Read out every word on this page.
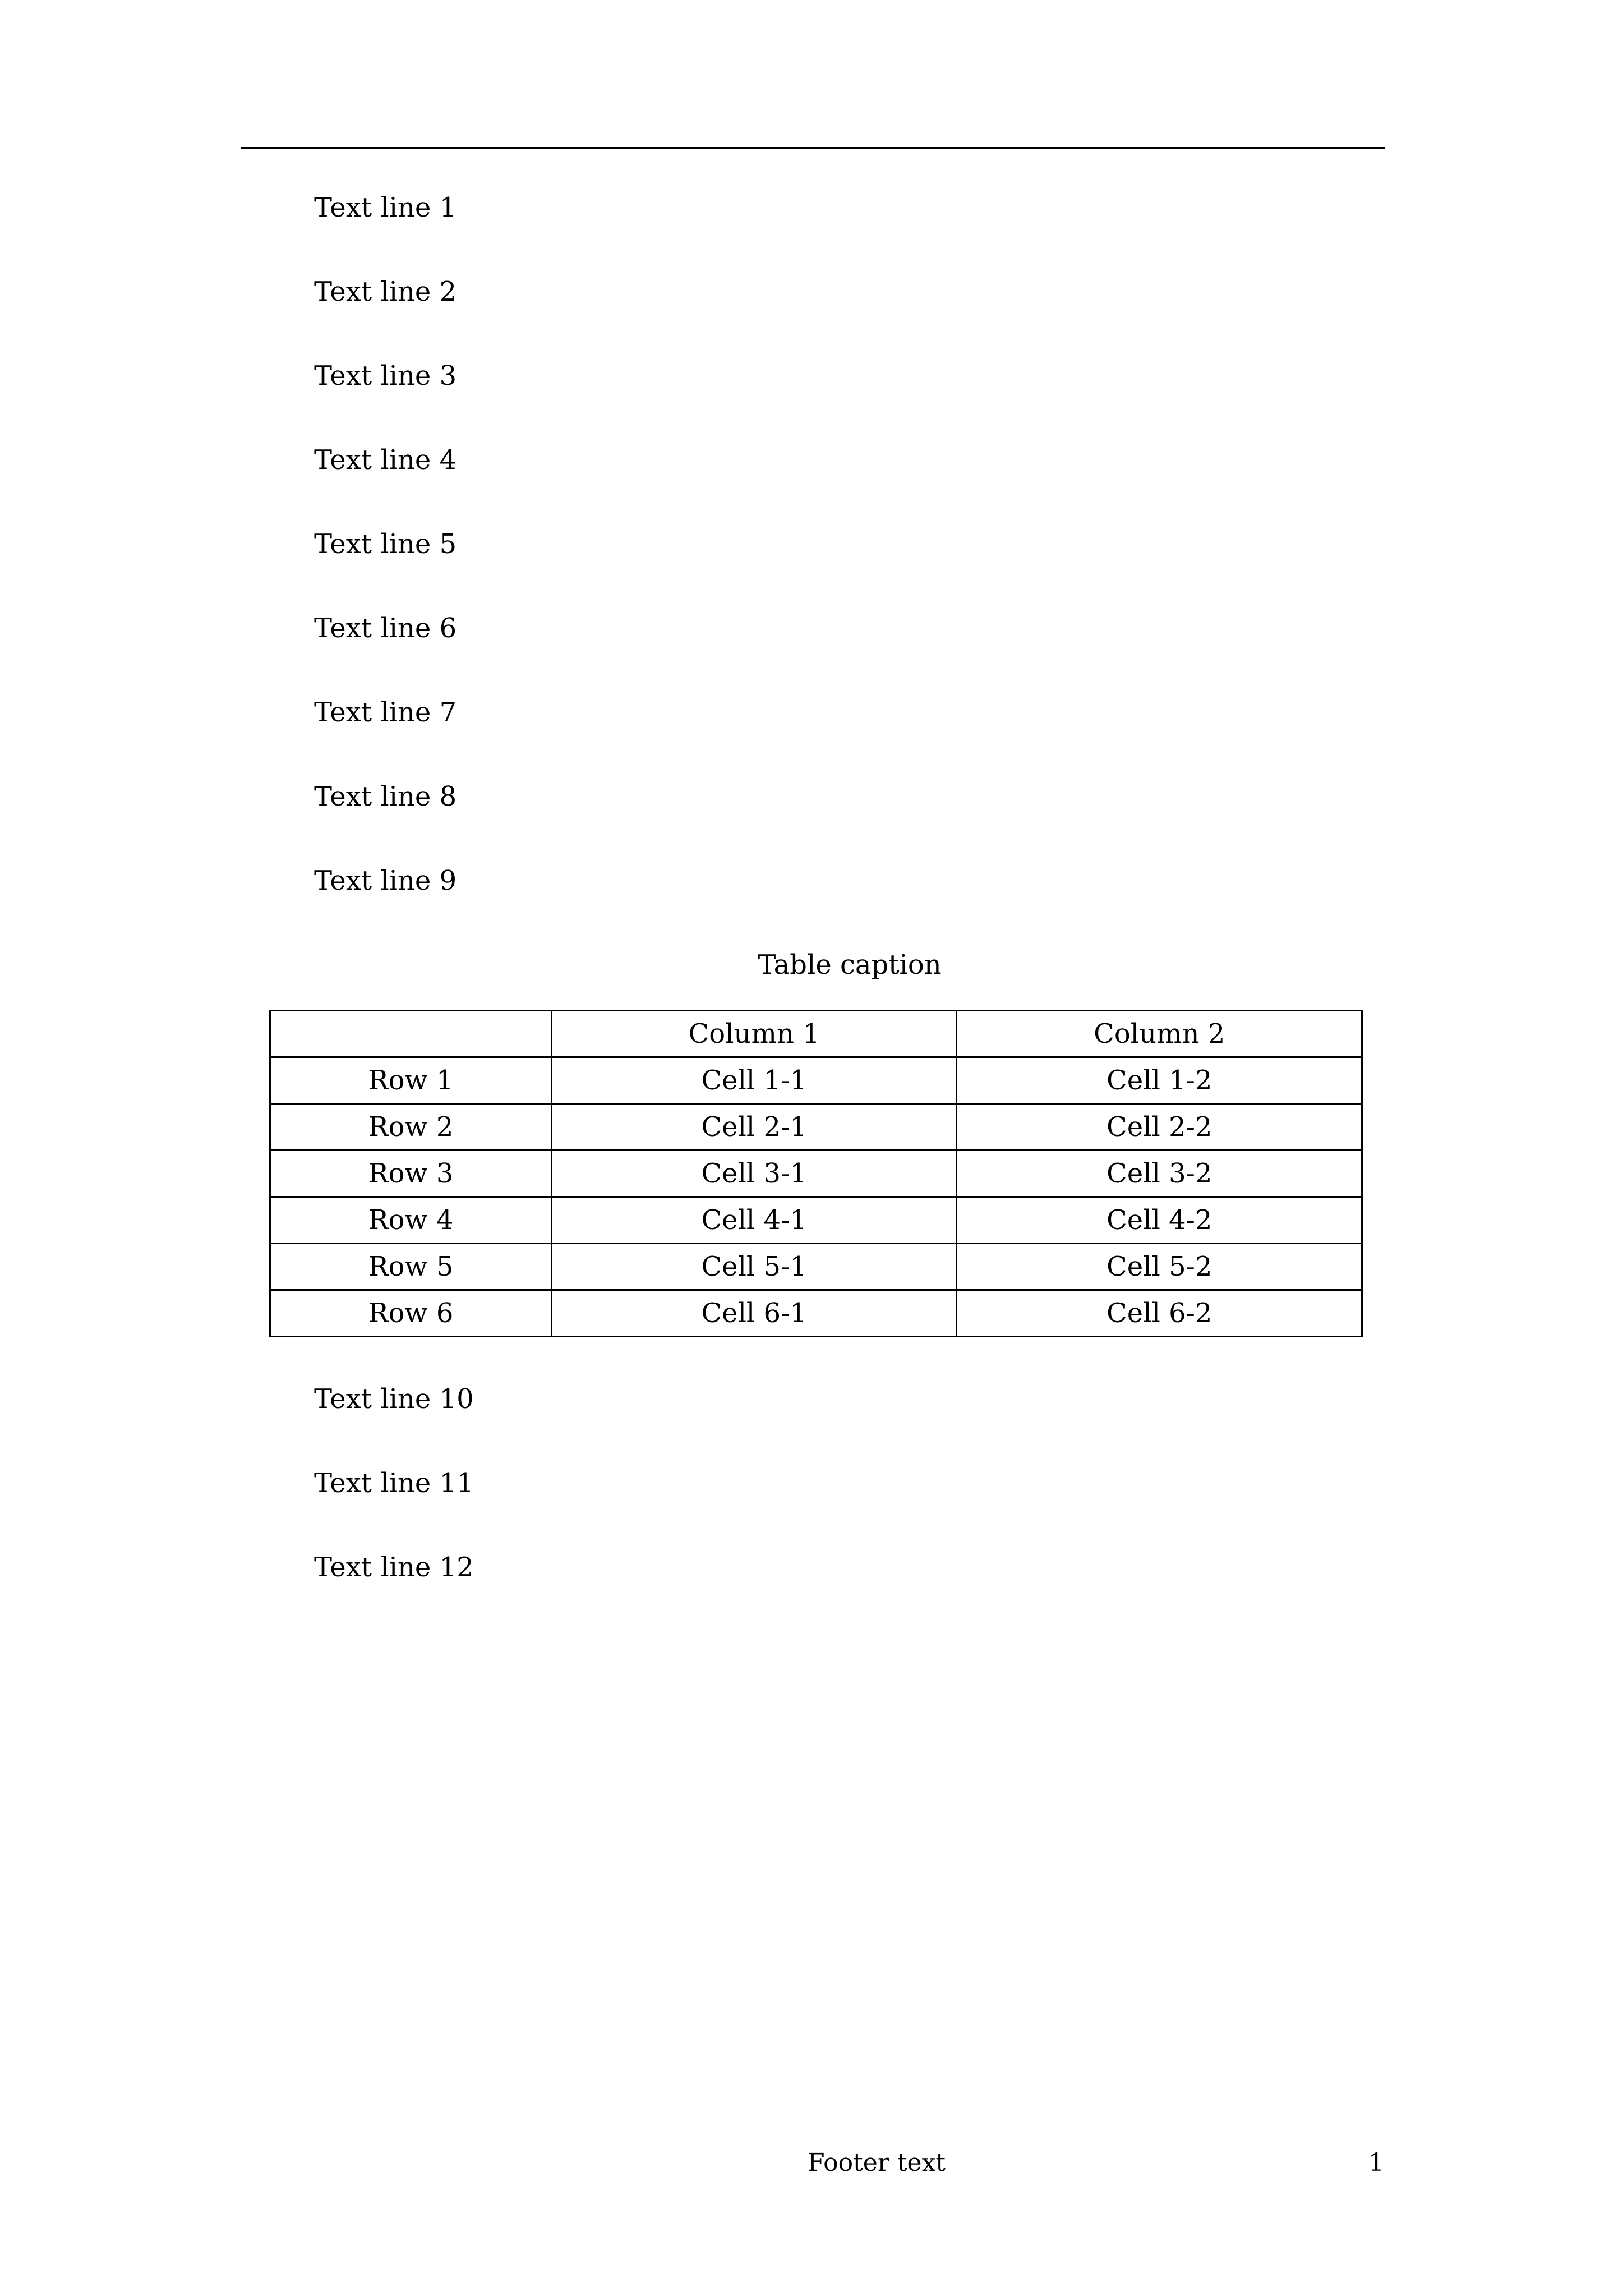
Text line 1

Text line 2

Text line 3

Text line 4

Text line 5

Text line 6

Text line 7

Text line 8

Text line 9

Table caption

	Column 1	Column 2
Row 1	Cell 1-1	Cell 1-2
Row 2	Cell 2-1	Cell 2-2
Row 3	Cell 3-1	Cell 3-2
Row 4	Cell 4-1	Cell 4-2
Row 5	Cell 5-1	Cell 5-2
Row 6	Cell 6-1	Cell 6-2

Text line 10

Text line 11

Text line 12

Footer text	1
